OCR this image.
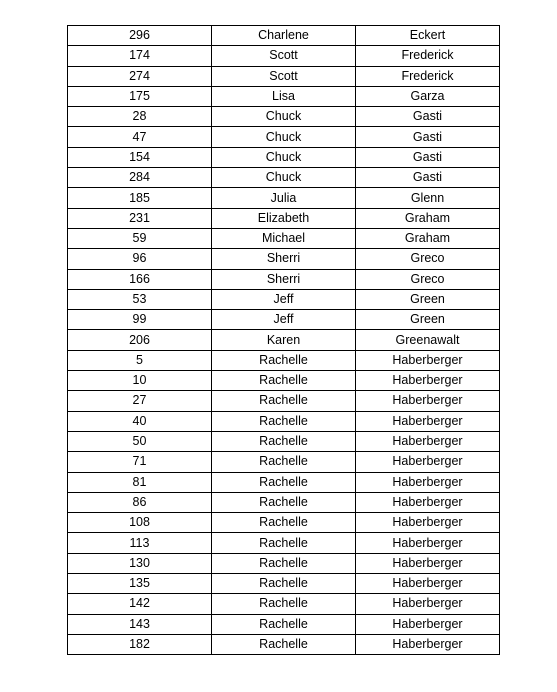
296	Charlene	Eckert
174	Scott	Frederick
274	Scott	Frederick
175	Lisa	Garza
28	Chuck	Gasti
47	Chuck	Gasti
154	Chuck	Gasti
284	Chuck	Gasti
185	Julia	Glenn
231	Elizabeth	Graham
59	Michael	Graham
96	Sherri	Greco
166	Sherri	Greco
53	Jeff	Green
99	Jeff	Green
206	Karen	Greenawalt
5	Rachelle	Haberberger
10	Rachelle	Haberberger
27	Rachelle	Haberberger
40	Rachelle	Haberberger
50	Rachelle	Haberberger
71	Rachelle	Haberberger
81	Rachelle	Haberberger
86	Rachelle	Haberberger
108	Rachelle	Haberberger
113	Rachelle	Haberberger
130	Rachelle	Haberberger
135	Rachelle	Haberberger
142	Rachelle	Haberberger
143	Rachelle	Haberberger
182	Rachelle	Haberberger
